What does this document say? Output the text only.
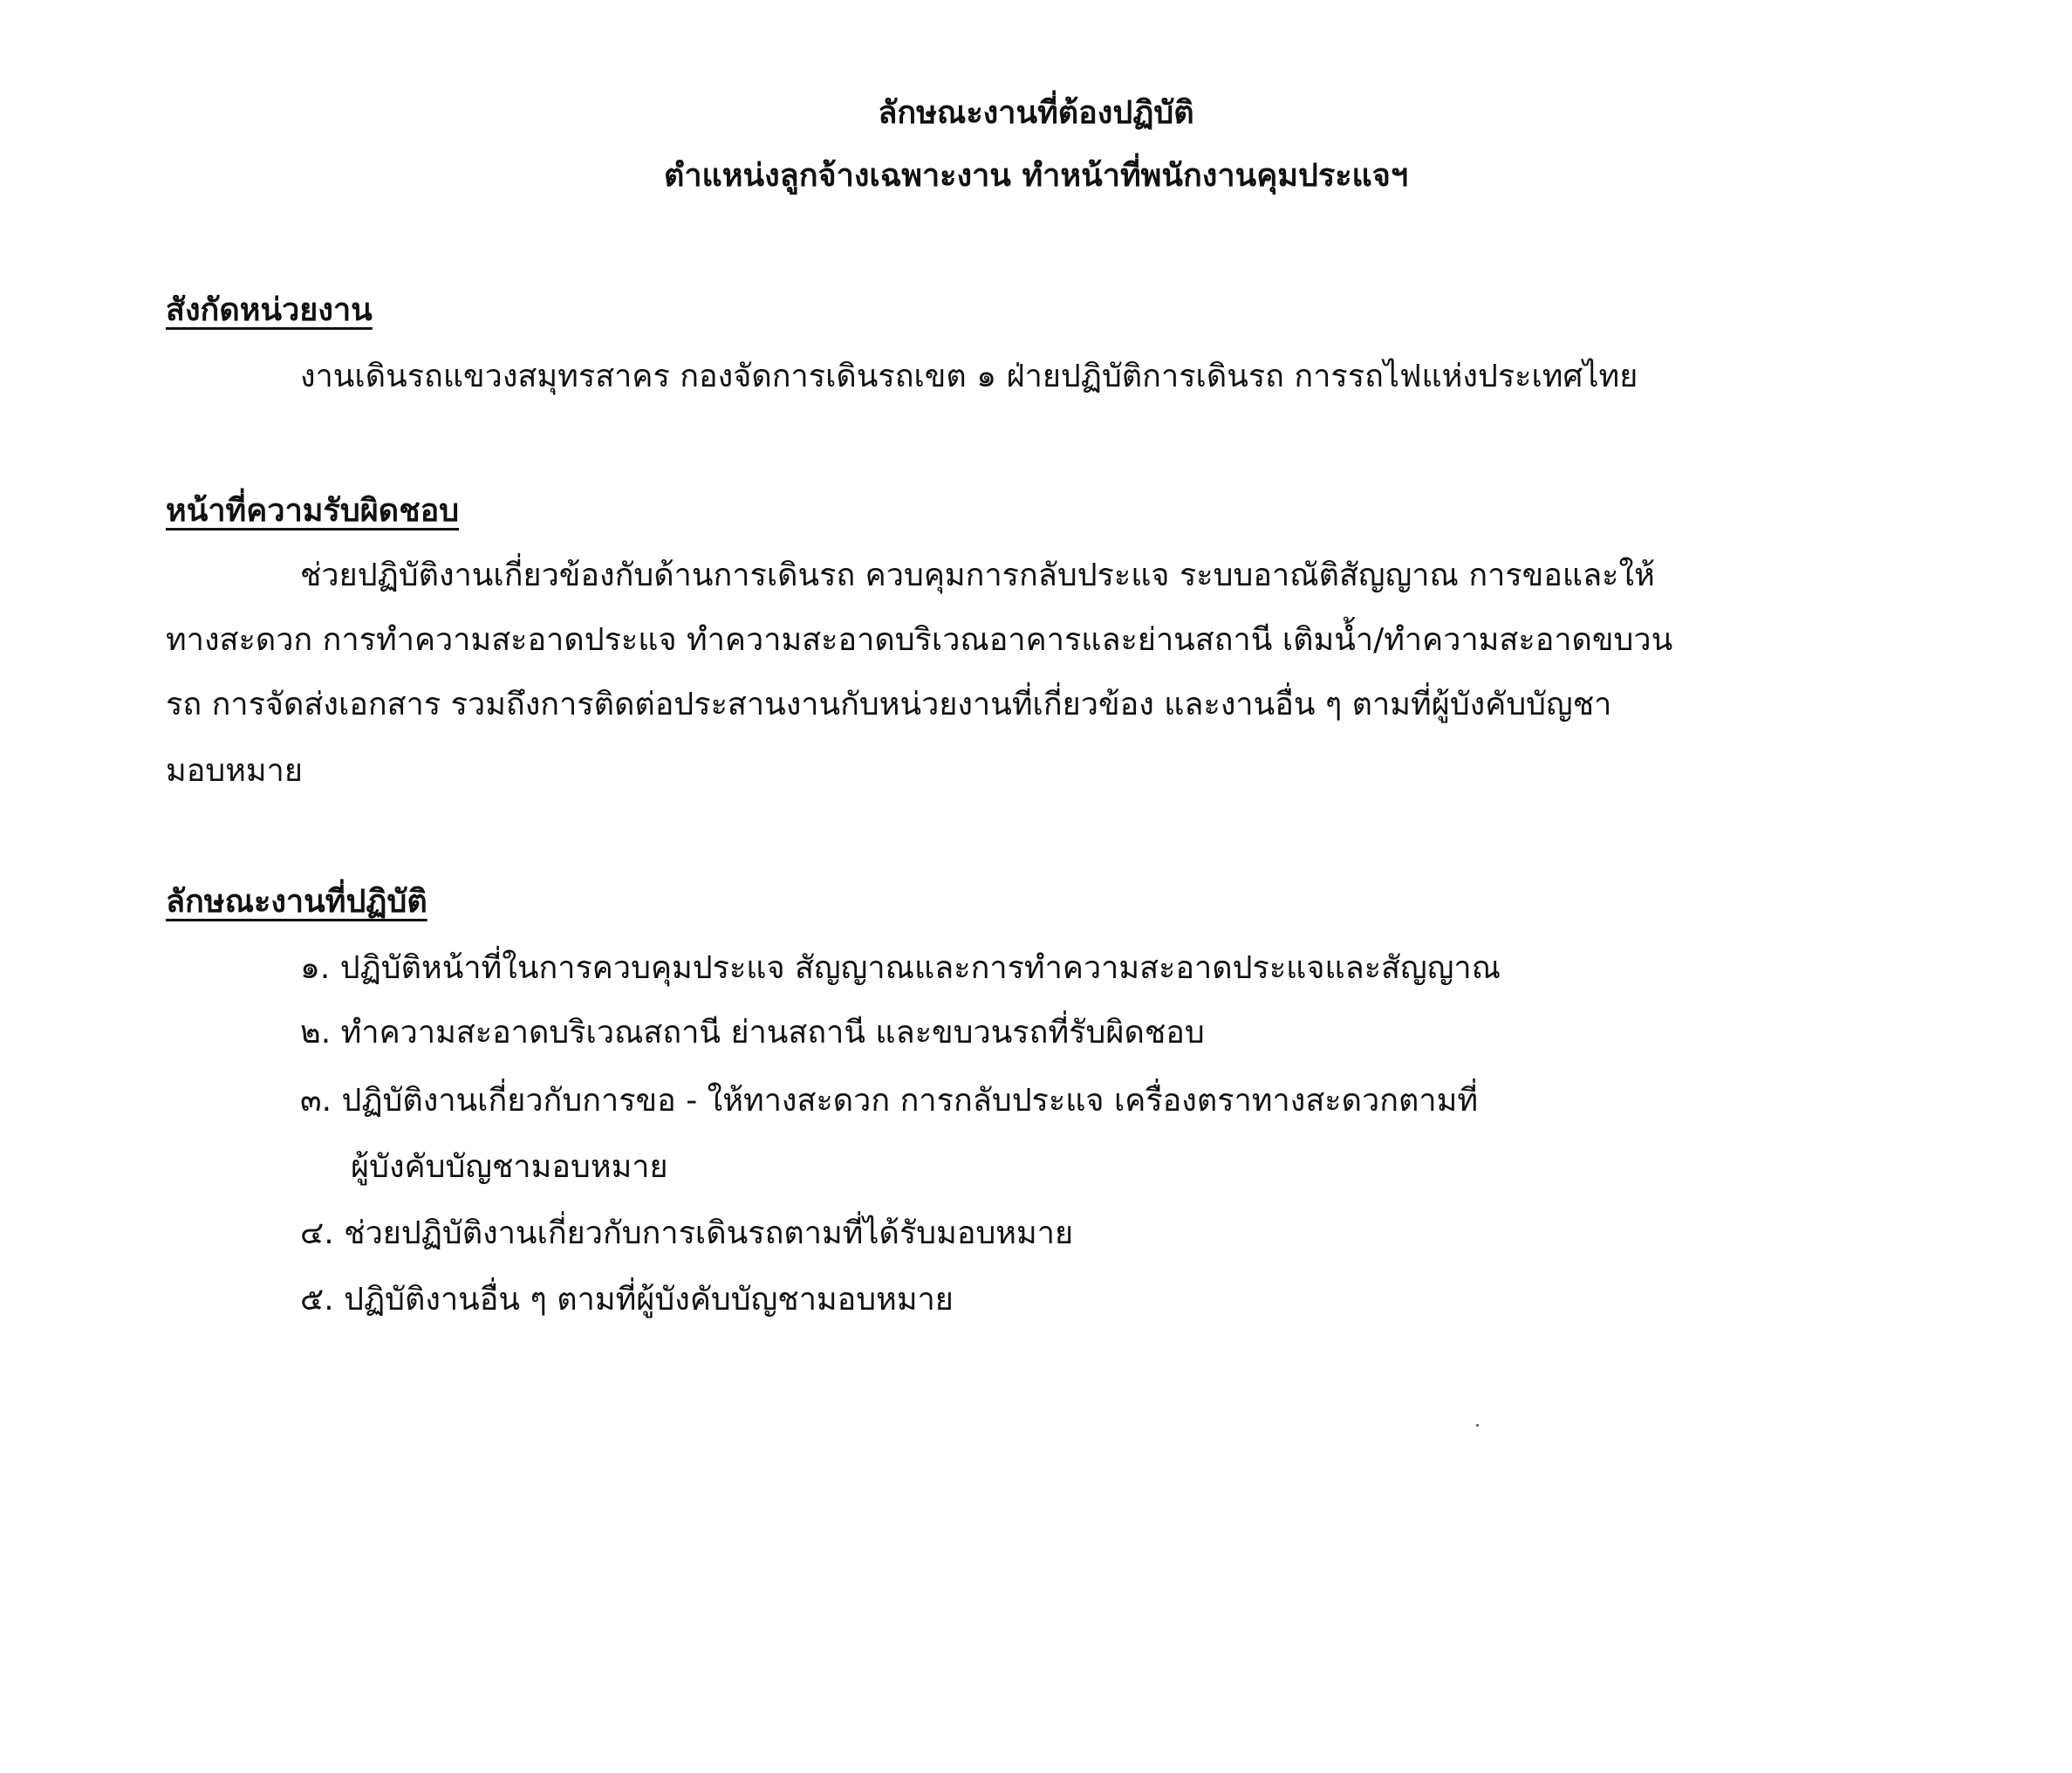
ลักษณะงานที่ต้องปฏิบัติ
ตำแหน่งลูกจ้างเฉพาะงาน ทำหน้าที่พนักงานคุมประแจฯ
สังกัดหน่วยงาน
งานเดินรถแขวงสมุทรสาคร กองจัดการเดินรถเขต ๑ ฝ่ายปฏิบัติการเดินรถ การรถไฟแห่งประเทศไทย
หน้าที่ความรับผิดชอบ
ช่วยปฏิบัติงานเกี่ยวข้องกับด้านการเดินรถ ควบคุมการกลับประแจ ระบบอาณัติสัญญาณ การขอและให้
ทางสะดวก การทำความสะอาดประแจ ทำความสะอาดบริเวณอาคารและย่านสถานี เติมน้ำ/ทำความสะอาดขบวน
รถ การจัดส่งเอกสาร รวมถึงการติดต่อประสานงานกับหน่วยงานที่เกี่ยวข้อง และงานอื่น ๆ ตามที่ผู้บังคับบัญชา
มอบหมาย
ลักษณะงานที่ปฏิบัติ
๑. ปฏิบัติหน้าที่ในการควบคุมประแจ สัญญาณและการทำความสะอาดประแจและสัญญาณ
๒. ทำความสะอาดบริเวณสถานี ย่านสถานี และขบวนรถที่รับผิดชอบ
๓. ปฏิบัติงานเกี่ยวกับการขอ - ให้ทางสะดวก การกลับประแจ เครื่องตราทางสะดวกตามที่
ผู้บังคับบัญชามอบหมาย
๔. ช่วยปฏิบัติงานเกี่ยวกับการเดินรถตามที่ได้รับมอบหมาย
๕. ปฏิบัติงานอื่น ๆ ตามที่ผู้บังคับบัญชามอบหมาย
